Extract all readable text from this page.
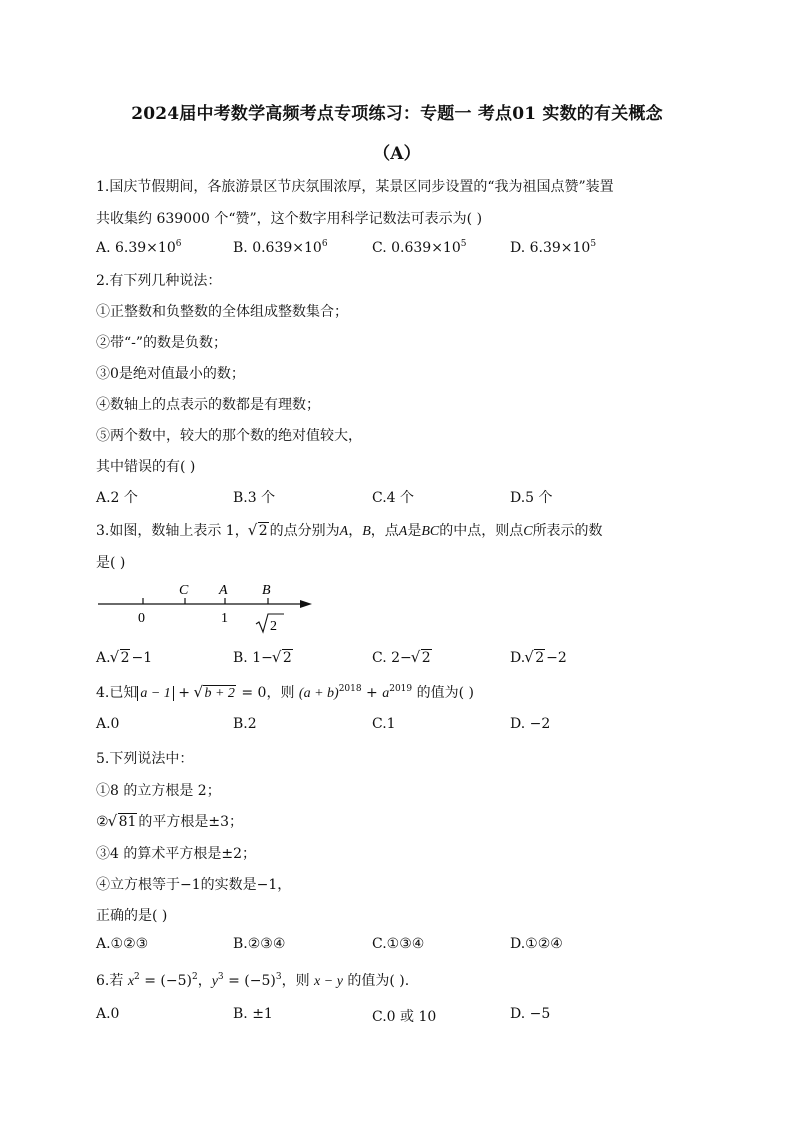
2024届中考数学高频考点专项练习：专题一 考点01 实数的有关概念
（A）
1.国庆节假期间，各旅游景区节庆氛围浓厚，某景区同步设置的“我为祖国点赞”装置
共收集约 639000 个“赞”，这个数字用科学记数法可表示为( )
A. $6.39\times 10^6$	B. $0.639\times 10^6$	C. $0.639\times 10^5$	D. $6.39\times 10^5$
2.有下列几种说法：
①正整数和负整数的全体组成整数集合；
②带“-”的数是负数；
③0是绝对值最小的数；
④数轴上的点表示的数都是有理数；
⑤两个数中，较大的那个数的绝对值较大，
其中错误的有( )
A.2 个	B.3 个	C.4 个	D.5 个
3.如图，数轴上表示 1， √ 2 的点分别为A，B，点A是BC的中点，则点C所表示的数
是( )
C A B
0	1
2
A. √ 2 −1	B. 1− √ 2	C. 2− √ 2	D. √ 2 −2
4.已知 a − 1 + √ b + 2 = 0，则 $(a + b)^{2018} + a^{2019}$ 的值为( )
A.0	B.2	C.1	D. −2
5.下列说法中：
①8 的立方根是 2；
② √ 81 的平方根是±3；
③4 的算术平方根是±2；
④立方根等于−1的实数是−1，
正确的是( )
A.①②③	B.②③④	C.①③④	D.①②④
6.若 $x^2 = (-5)^2$，$y^3 = (-5)^3$，则 x − y 的值为( ).
A.0	B. ±1	C.0 或 10	D. −5
